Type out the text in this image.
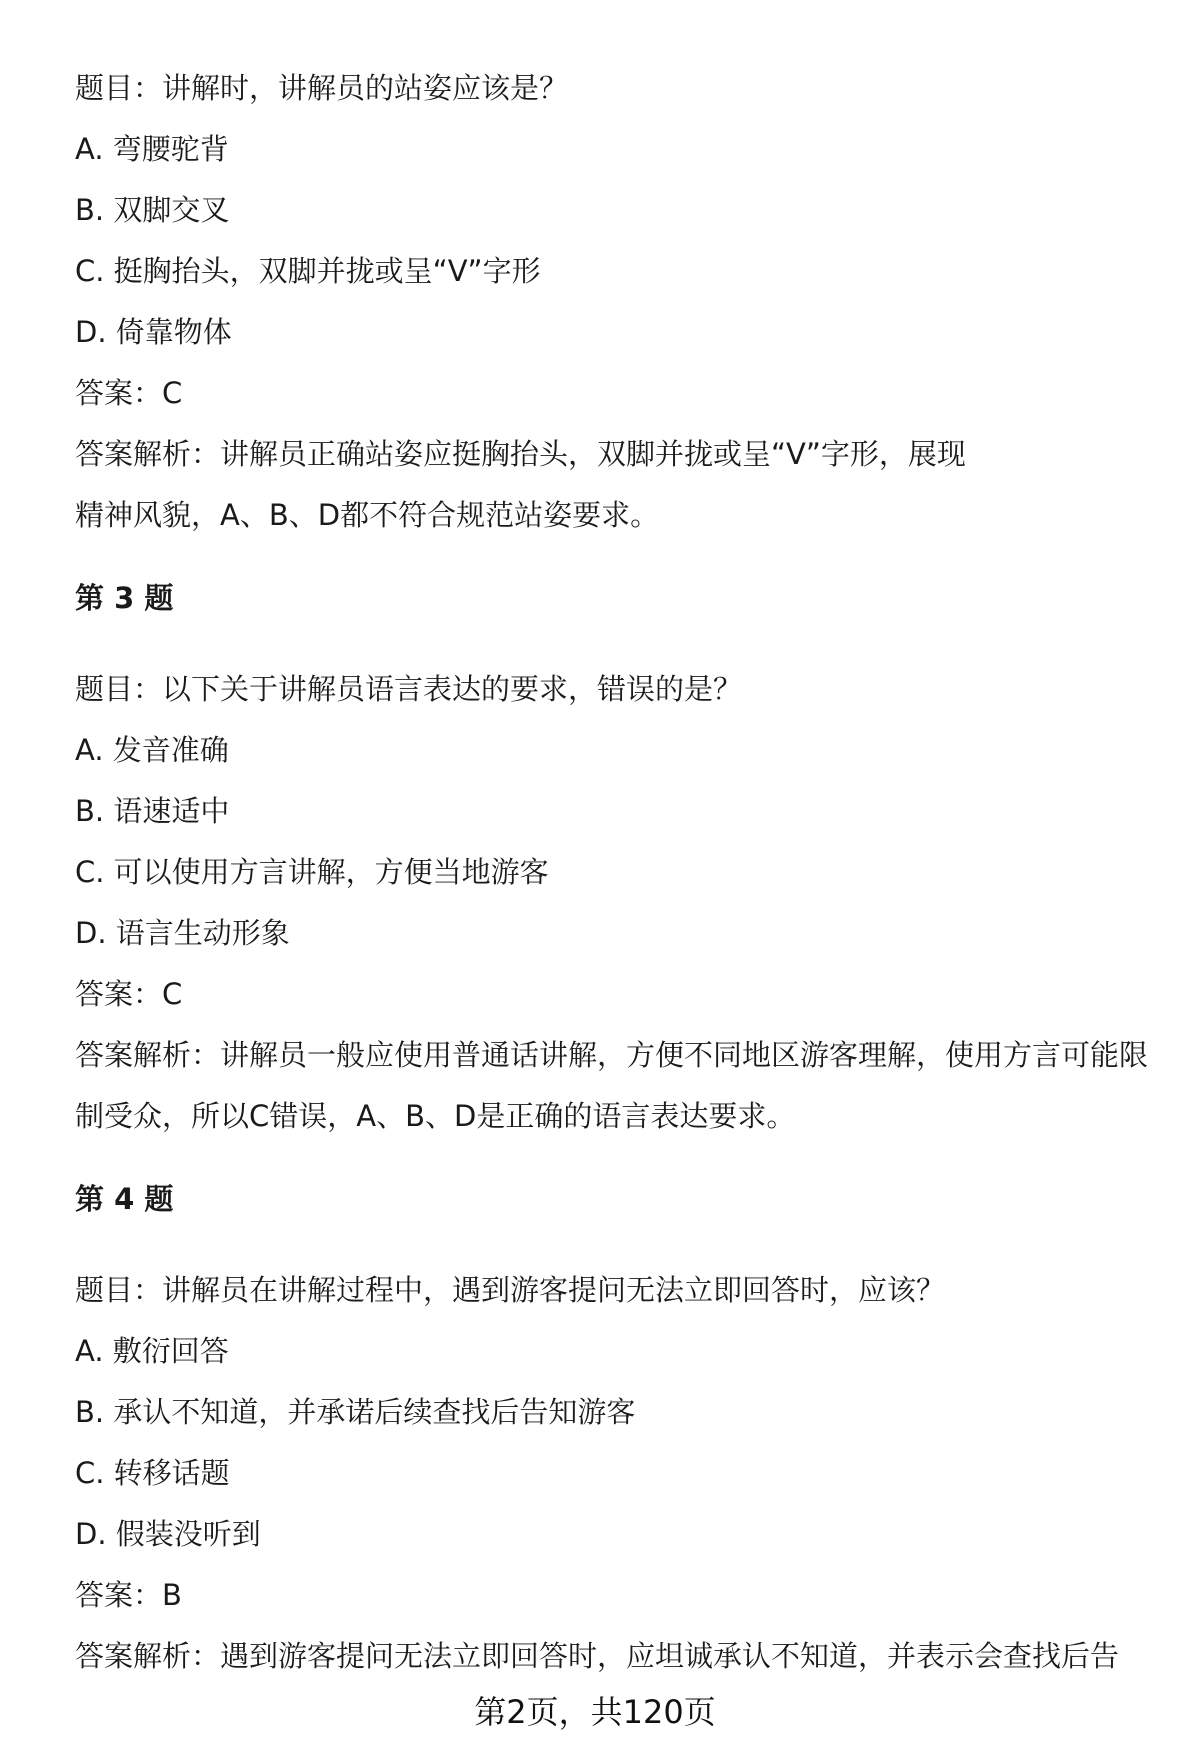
题目：讲解时，讲解员的站姿应该是？
A. 弯腰驼背
B. 双脚交叉
C. 挺胸抬头，双脚并拢或呈“V”字形
D. 倚靠物体
答案：C
答案解析：讲解员正确站姿应挺胸抬头，双脚并拢或呈“V”字形，展现精神风貌，A、B、D都不符合规范站姿要求。
第 3 题
题目：以下关于讲解员语言表达的要求，错误的是？
A. 发音准确
B. 语速适中
C. 可以使用方言讲解，方便当地游客
D. 语言生动形象
答案：C
答案解析：讲解员一般应使用普通话讲解，方便不同地区游客理解，使用方言可能限制受众，所以C错误，A、B、D是正确的语言表达要求。
第 4 题
题目：讲解员在讲解过程中，遇到游客提问无法立即回答时，应该？
A. 敷衍回答
B. 承认不知道，并承诺后续查找后告知游客
C. 转移话题
D. 假装没听到
答案：B
答案解析：遇到游客提问无法立即回答时，应坦诚承认不知道，并表示会查找后告
第2页，共120页
